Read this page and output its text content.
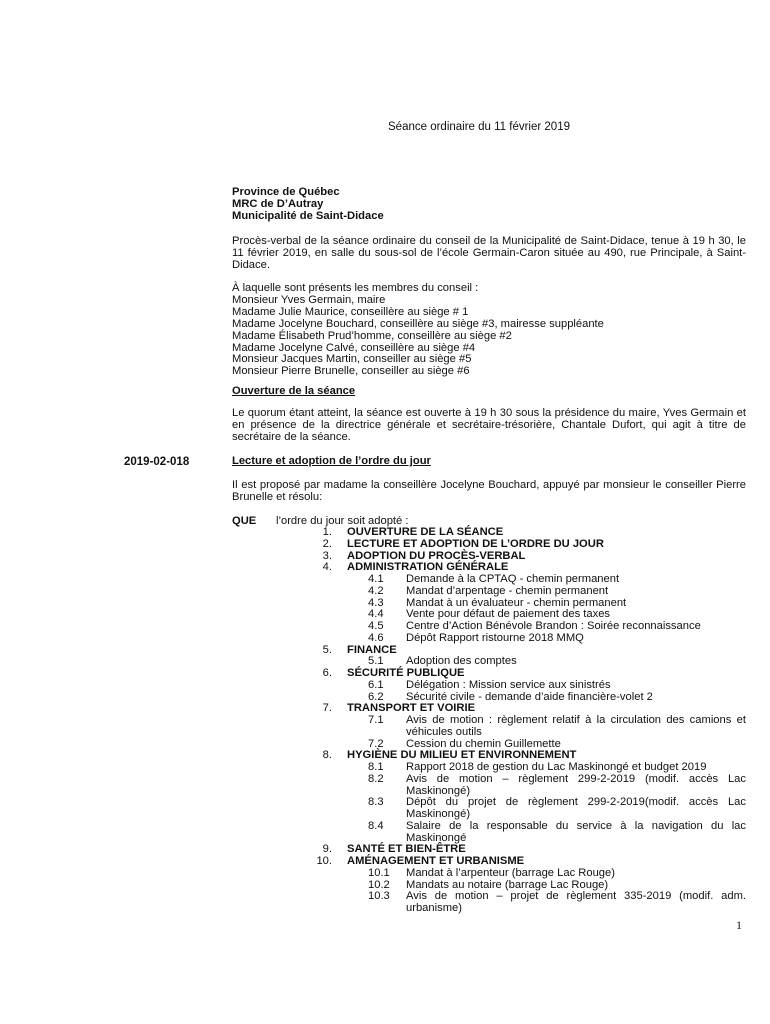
Séance ordinaire du 11 février 2019
Province de Québec
MRC de D’Autray
Municipalité de Saint-Didace
Procès-verbal de la séance ordinaire du conseil de la Municipalité de Saint-Didace, tenue à 19 h 30, le 11 février 2019, en salle du sous-sol de l’école Germain-Caron située au 490, rue Principale, à Saint-Didace.
À laquelle sont présents les membres du conseil :
Monsieur Yves Germain, maire
Madame Julie Maurice, conseillère au siège # 1
Madame Jocelyne Bouchard, conseillère au siège #3, mairesse suppléante
Madame Élisabeth Prud’homme, conseillère au siège #2
Madame Jocelyne Calvé, conseillère au siège #4
Monsieur Jacques Martin, conseiller au siège #5
Monsieur Pierre Brunelle, conseiller au siège #6
Ouverture de la séance
Le quorum étant atteint, la séance est ouverte à 19 h 30 sous la présidence du maire, Yves Germain et en présence de la directrice générale et secrétaire-trésorière, Chantale Dufort, qui agit à titre de secrétaire de la séance.
2019-02-018	Lecture et adoption de l’ordre du jour
Il est proposé par madame la conseillère Jocelyne Bouchard, appuyé par monsieur le conseiller Pierre Brunelle et résolu:
QUE l’ordre du jour soit adopté :
1. OUVERTURE DE LA SÉANCE
2. LECTURE ET ADOPTION DE L’ORDRE DU JOUR
3. ADOPTION DU PROCÈS-VERBAL
4. ADMINISTRATION GÉNÉRALE
4.1 Demande à la CPTAQ - chemin permanent
4.2 Mandat d’arpentage - chemin permanent
4.3 Mandat à un évaluateur - chemin permanent
4.4 Vente pour défaut de paiement des taxes
4.5 Centre d’Action Bénévole Brandon : Soirée reconnaissance
4.6 Dépôt Rapport ristourne 2018 MMQ
5. FINANCE
5.1 Adoption des comptes
6. SÉCURITÉ PUBLIQUE
6.1 Délégation : Mission service aux sinistrés
6.2 Sécurité civile - demande d’aide financière-volet 2
7. TRANSPORT ET VOIRIE
7.1 Avis de motion : règlement relatif à la circulation des camions et véhicules outils
7.2 Cession du chemin Guillemette
8. HYGIÈNE DU MILIEU ET ENVIRONNEMENT
8.1 Rapport 2018 de gestion du Lac Maskinongé et budget 2019
8.2 Avis de motion – règlement 299-2-2019 (modif. accès Lac Maskinongé)
8.3 Dépôt du projet de règlement 299-2-2019(modif. accès Lac Maskinongé)
8.4 Salaire de la responsable du service à la navigation du lac Maskinongé
9. SANTÉ ET BIEN-ÊTRE
10. AMÉNAGEMENT ET URBANISME
10.1 Mandat à l’arpenteur (barrage Lac Rouge)
10.2 Mandats au notaire (barrage Lac Rouge)
10.3 Avis de motion – projet de règlement 335-2019 (modif. adm. urbanisme)
1
